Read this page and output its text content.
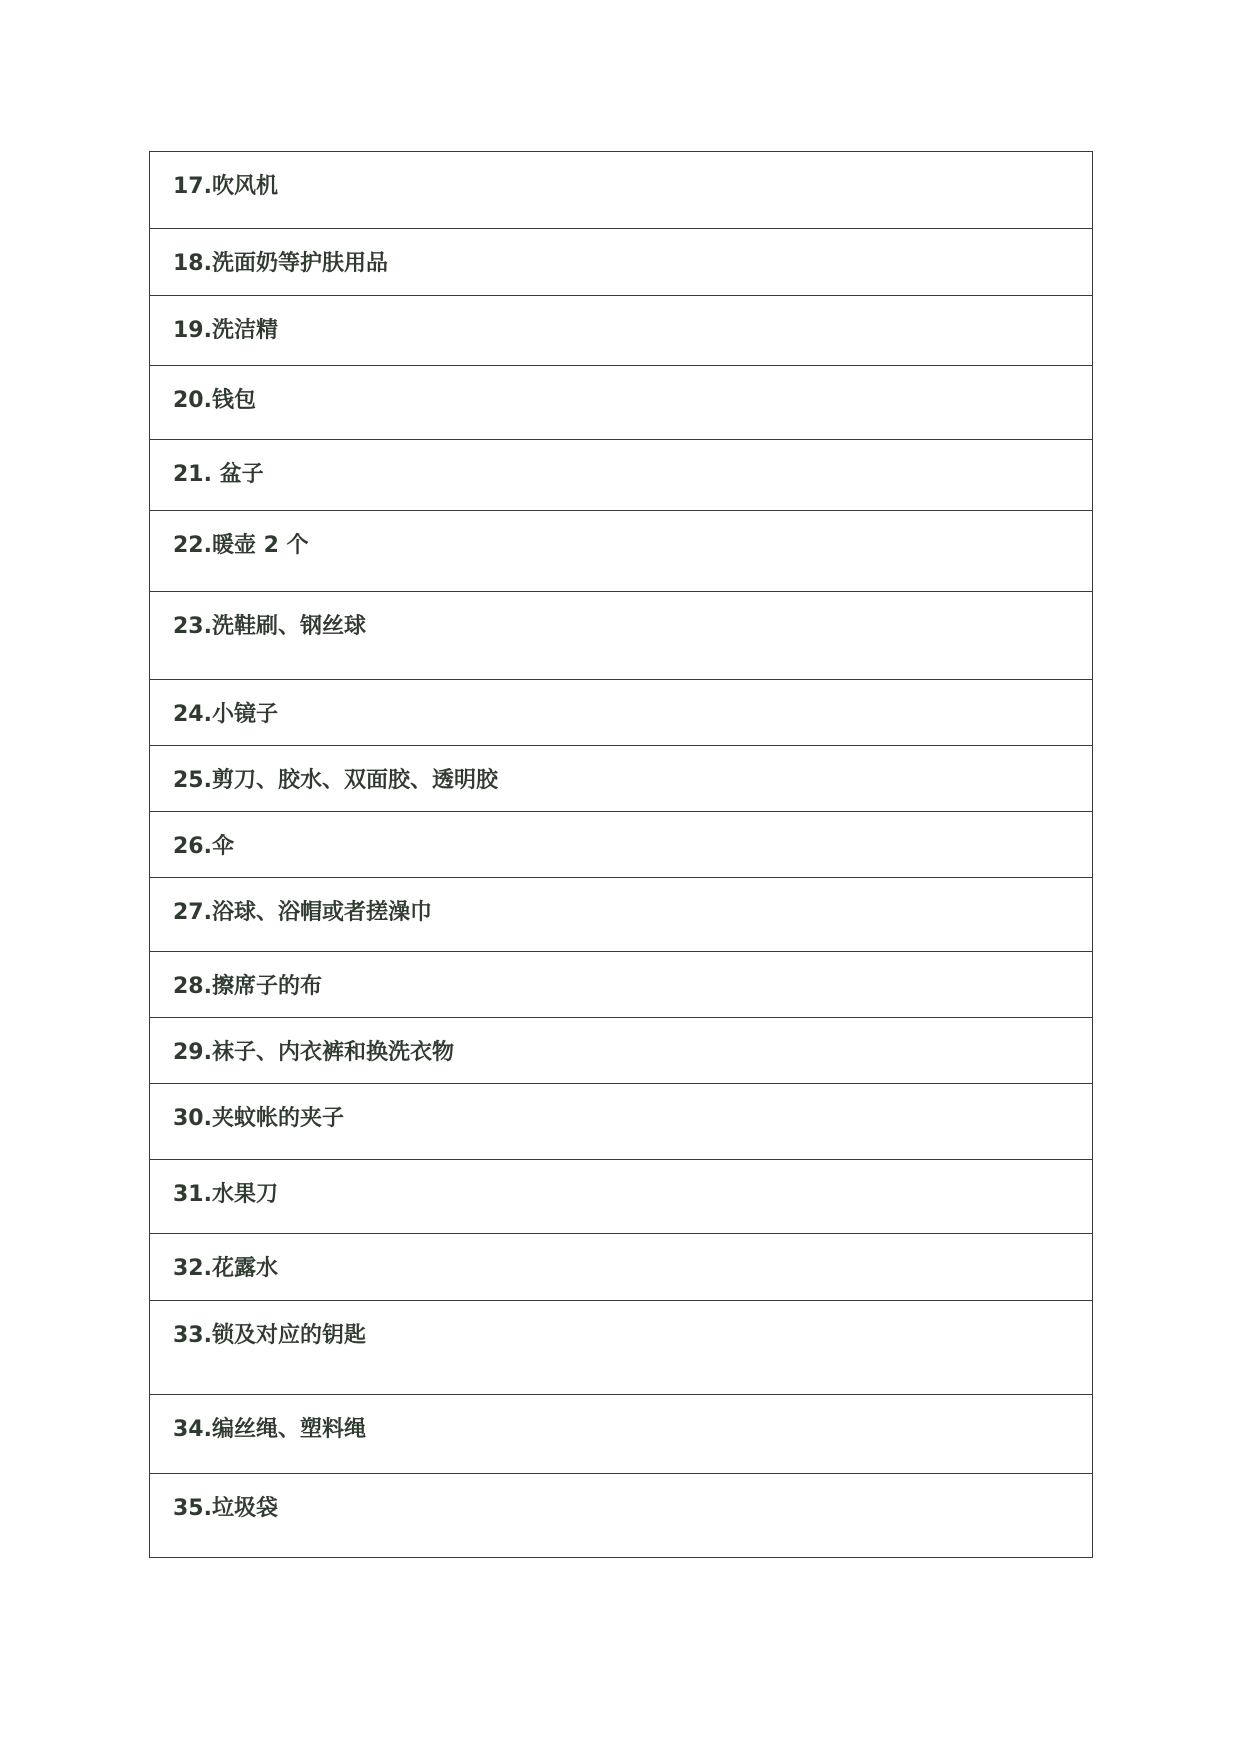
17.吹风机

18.洗面奶等护肤用品

19.洗洁精

20.钱包

21. 盆子

22.暖壶 2 个

23.洗鞋刷、钢丝球

24.小镜子

25.剪刀、胶水、双面胶、透明胶

26.伞

27.浴球、浴帽或者搓澡巾

28.擦席子的布

29.袜子、内衣裤和换洗衣物

30.夹蚊帐的夹子

31.水果刀

32.花露水

33.锁及对应的钥匙

34.编丝绳、塑料绳

35.垃圾袋
